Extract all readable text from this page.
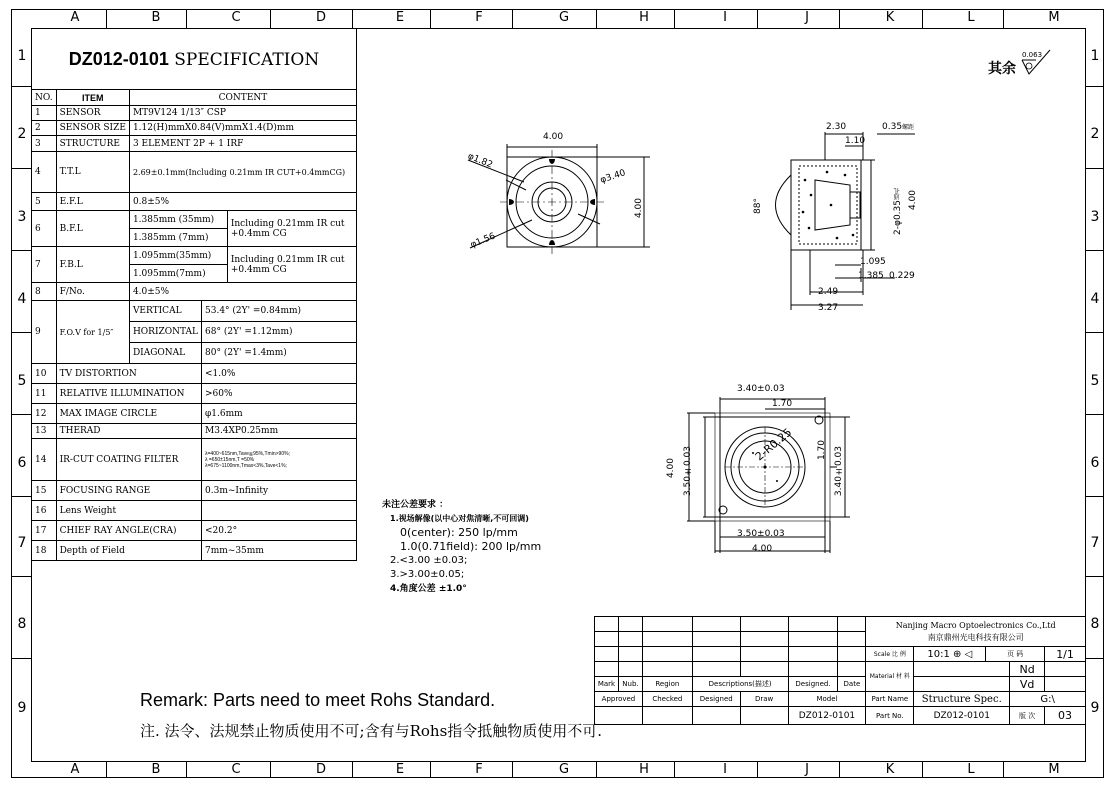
A	B	C	D	E	F	G	H	I	J	K	L	M
A	B	C	D	E	F	G	H	I	J	K	L	M
1
2
3
4
5
6
7
8
9
1
2
3
4
5
6
7
8
9
DZ012-0101 SPECIFICATION				
NO.	ITEM	CONTENT		
1	SENSOR	MT9V124 1/13″ CSP		
2	SENSOR SIZE	1.12(H)mmX0.84(V)mmX1.4(D)mm		
3	STRUCTURE	3 ELEMENT 2P + 1 IRF		
4	T.T.L	2.69±0.1mm(Including 0.21mm IR CUT+0.4mmCG)		
5	E.F.L	0.8±5%		
6	B.F.L	1.385mm (35mm)		Including 0.21mm IR cut +0.4mm CG
		1.385mm (7mm)		
7	F.B.L	1.095mm(35mm)		Including 0.21mm IR cut +0.4mm CG
		1.095mm(7mm)		
8	F/No.	4.0±5%		
9	F.O.V for 1/5″	VERTICAL	53.4° (2Y' =0.84mm)	
		HORIZONTAL	68° (2Y' =1.12mm)	
		DIAGONAL	80° (2Y' =1.4mm)	
10	TV DISTORTION		<1.0%	
11	RELATIVE ILLUMINATION		>60%	
12	MAX IMAGE CIRCLE		φ1.6mm	
13	THERAD		M3.4XP0.25mm	
14	IR-CUT COATING FILTER		λ=400~615nm,Tave≧95%,Tmin>90%;
λ =650±15nm,T =50%
λ=675~1100nm,Tmax<3%,Tave<1%;	

15	FOCUSING RANGE		0.3m~Infinity	
16	Lens Weight			
17	CHIEF RAY ANGLE(CRA)		<20.2°	
18	Depth of Field		7mm~35mm	
其余
0.063
4.00
4.00
φ1.82
φ3.40
φ1.56
2.30
1.10
0.35螺距
88°	2-φ0.35通孔 4.00
1.095
1.385 0.229
2.49
3.27
3.40±0.03
1.70
1.70 3.40±0.03
4.00 3.50±0.03
2-R0.25
3.50±0.03
4.00
未注公差要求 ：
1.视场解像(以中心对焦清晰,不可回调)
0(center): 250 lp/mm
1.0(0.71field): 200 lp/mm
2.<3.00 ±0.03;
3.>3.00±0.05;
4.角度公差 ±1.0°

							Nanjing Macro Optoelectronics Co.,Ltd
南京鼎州光电科技有限公司				

							Scale 比 例	10:1 ⊕ ◁	页 码		1/1
							Material 材 料			Nd	
Mark	Nub.	Region	Descriptions(描述)		Designed.	Date				Vd	
Approved		Checked	Designed	Draw	Model		Part Name	Structure Spec.		G:\	
					DZ012-0101		Part No.	DZ012-0101		版 次	03
Remark: Parts need to meet Rohs Standard.
注. 法令、法规禁止物质使用不可;含有与Rohs指令抵触物质使用不可.
